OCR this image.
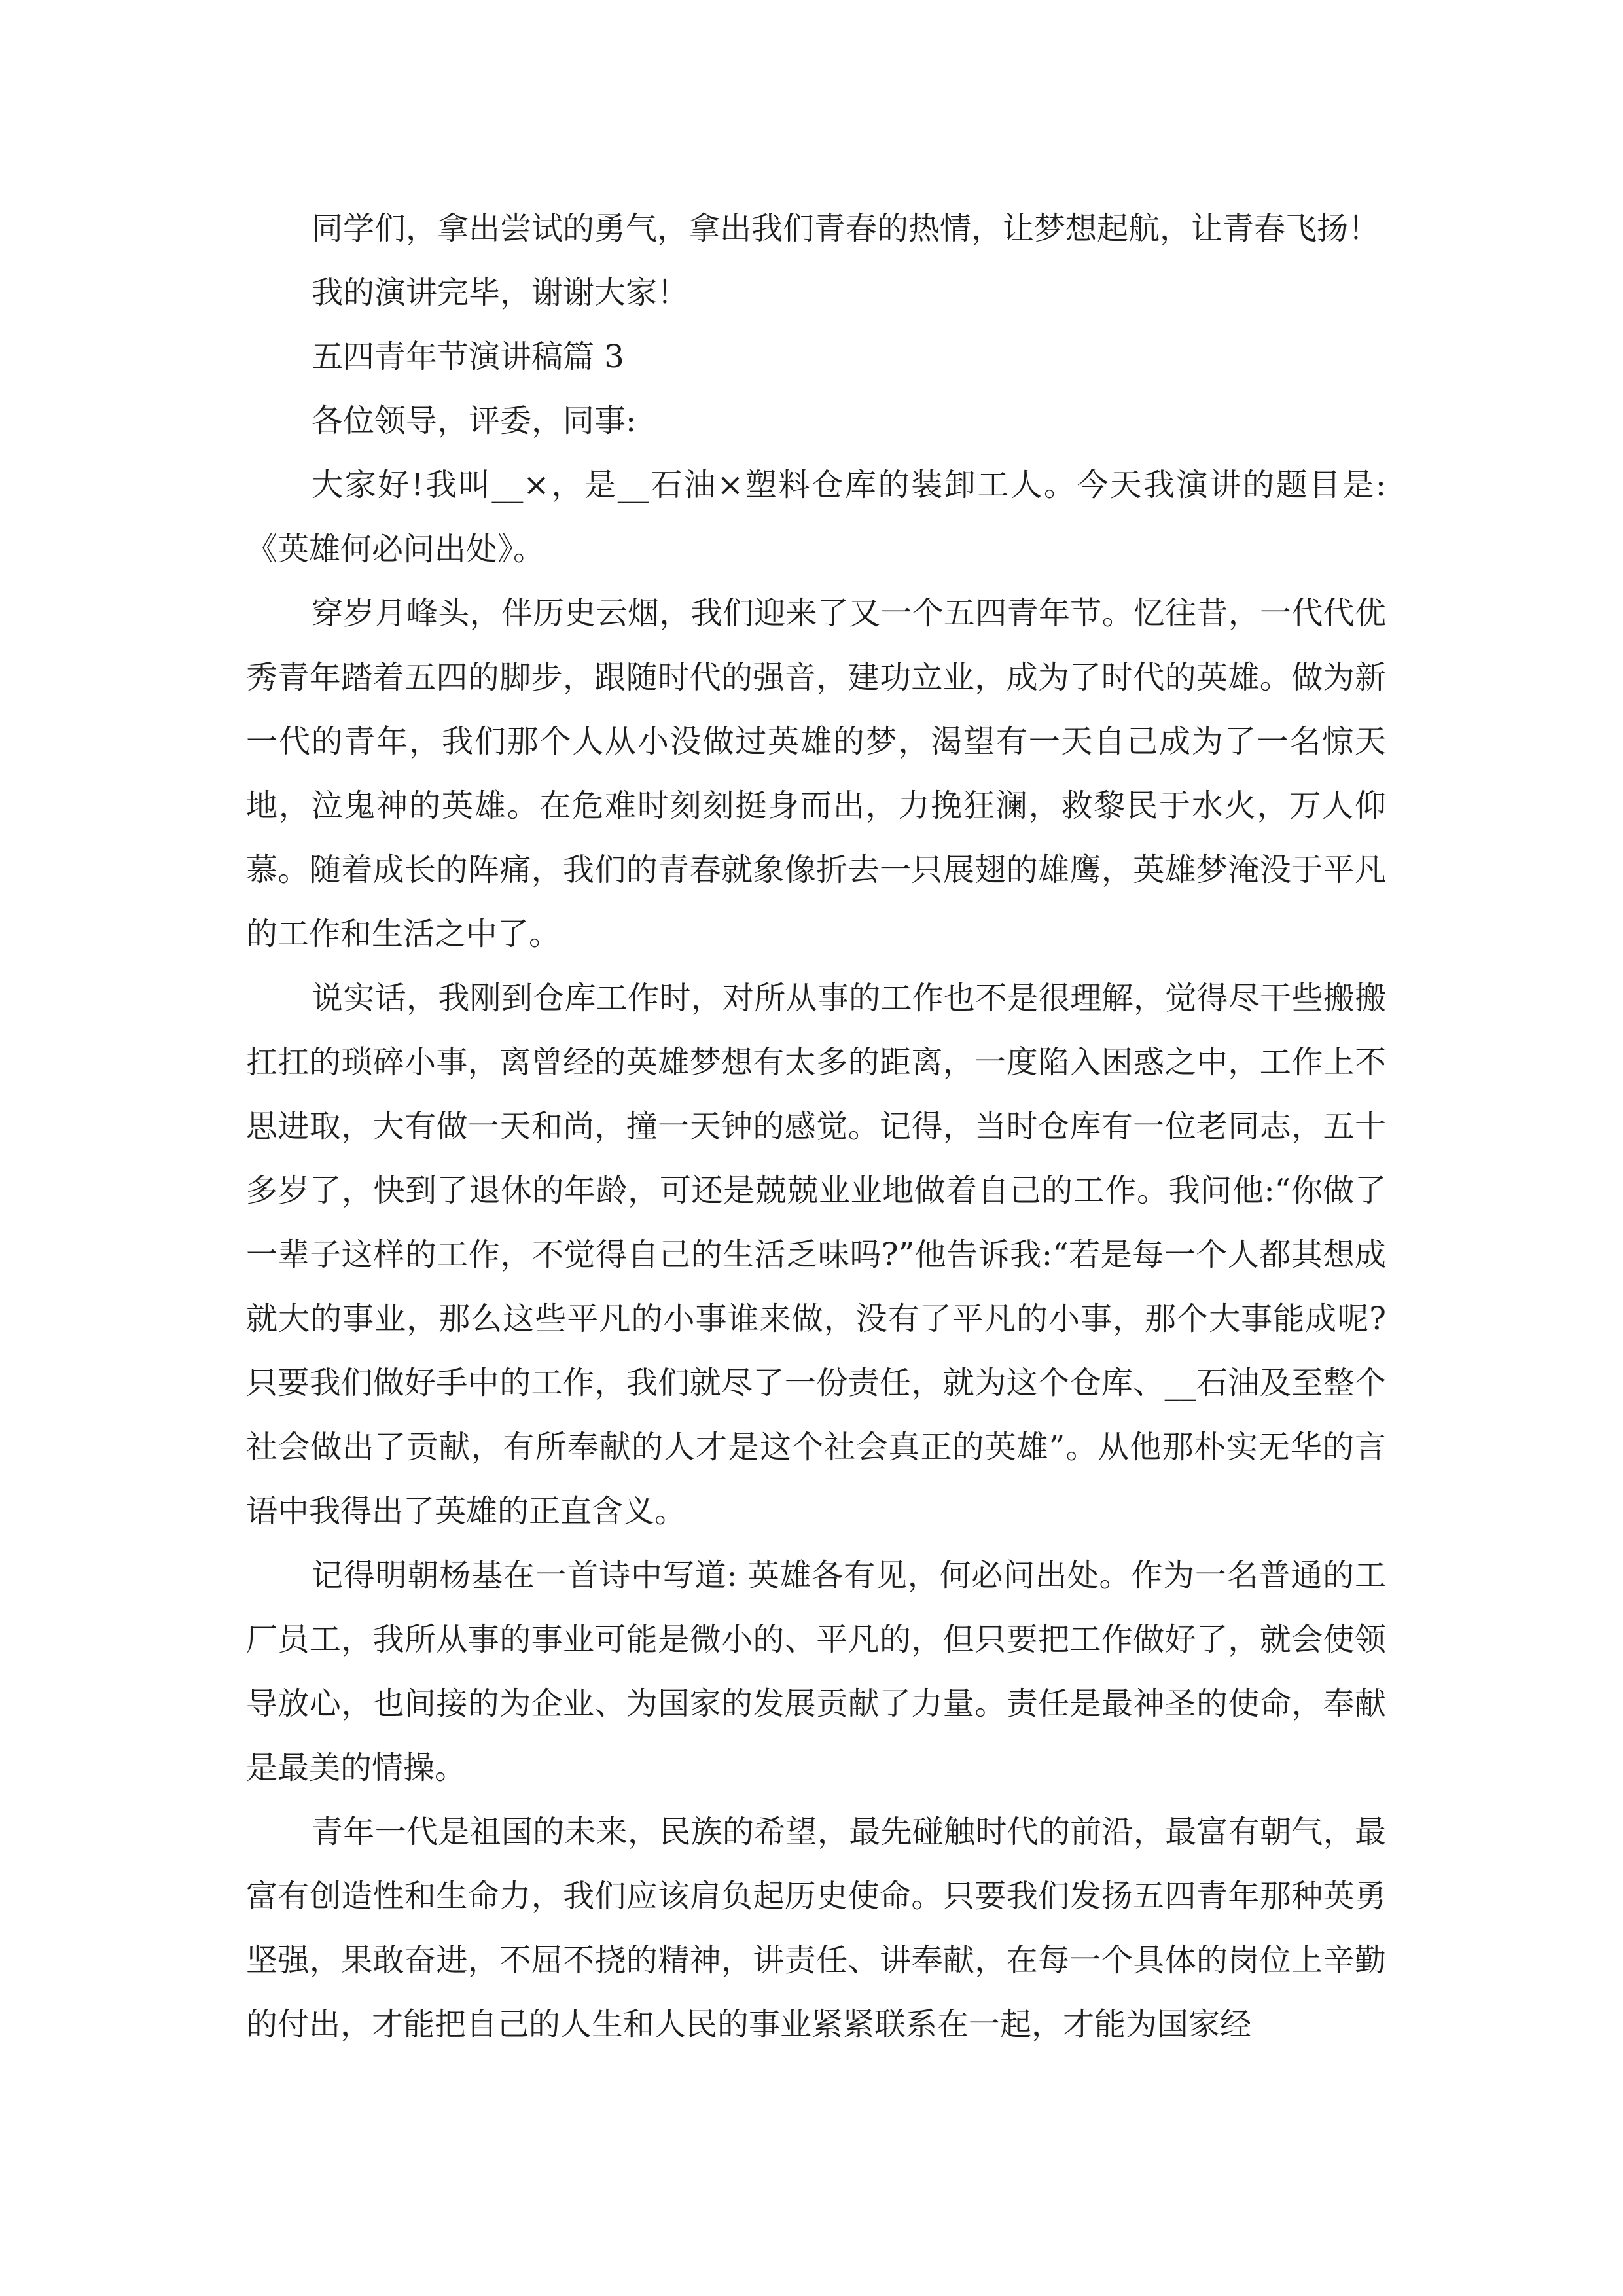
同学们，拿出尝试的勇气，拿出我们青春的热情，让梦想起航，让青春飞扬！

我的演讲完毕，谢谢大家！

五四青年节演讲稿篇 3

各位领导，评委，同事:

大家好!我叫__×，是__石油×塑料仓库的装卸工人。今天我演讲的题目是:《英雄何必问出处》。

穿岁月峰头，伴历史云烟，我们迎来了又一个五四青年节。忆往昔，一代代优秀青年踏着五四的脚步，跟随时代的强音，建功立业，成为了时代的英雄。做为新一代的青年，我们那个人从小没做过英雄的梦，渴望有一天自己成为了一名惊天地，泣鬼神的英雄。在危难时刻刻挺身而出，力挽狂澜，救黎民于水火，万人仰慕。随着成长的阵痛，我们的青春就象像折去一只展翅的雄鹰，英雄梦淹没于平凡的工作和生活之中了。

说实话，我刚到仓库工作时，对所从事的工作也不是很理解，觉得尽干些搬搬扛扛的琐碎小事，离曾经的英雄梦想有太多的距离，一度陷入困惑之中，工作上不思进取，大有做一天和尚，撞一天钟的感觉。记得，当时仓库有一位老同志，五十多岁了，快到了退休的年龄，可还是兢兢业业地做着自己的工作。我问他:“你做了一辈子这样的工作，不觉得自己的生活乏味吗?”他告诉我:“若是每一个人都其想成就大的事业，那么这些平凡的小事谁来做，没有了平凡的小事，那个大事能成呢?只要我们做好手中的工作，我们就尽了一份责任，就为这个仓库、__石油及至整个社会做出了贡献，有所奉献的人才是这个社会真正的英雄”。从他那朴实无华的言语中我得出了英雄的正直含义。

记得明朝杨基在一首诗中写道: 英雄各有见，何必问出处。作为一名普通的工厂员工，我所从事的事业可能是微小的、平凡的，但只要把工作做好了，就会使领导放心，也间接的为企业、为国家的发展贡献了力量。责任是最神圣的使命，奉献是最美的情操。

青年一代是祖国的未来，民族的希望，最先碰触时代的前沿，最富有朝气，最富有创造性和生命力，我们应该肩负起历史使命。只要我们发扬五四青年那种英勇坚强，果敢奋进，不屈不挠的精神，讲责任、讲奉献，在每一个具体的岗位上辛勤的付出，才能把自己的人生和人民的事业紧紧联系在一起，才能为国家经
